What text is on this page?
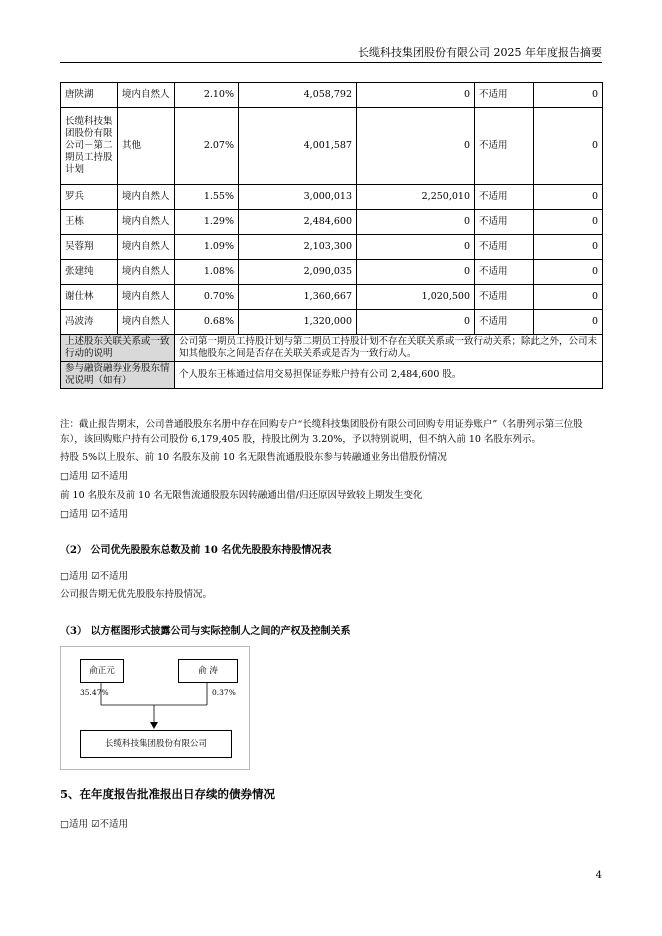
长缆科技集团股份有限公司 2025 年年度报告摘要
唐陕湖	境内自然人	2.10%	4,058,792	0	不适用	0
长缆科技集团股份有限公司－第二期员工持股计划	其他	2.07%	4,001,587	0	不适用	0
罗兵	境内自然人	1.55%	3,000,013	2,250,010	不适用	0
王栋	境内自然人	1.29%	2,484,600	0	不适用	0
吴蓉翔	境内自然人	1.09%	2,103,300	0	不适用	0
张建纯	境内自然人	1.08%	2,090,035	0	不适用	0
谢仕林	境内自然人	0.70%	1,360,667	1,020,500	不适用	0
冯波涛	境内自然人	0.68%	1,320,000	0	不适用	0
上述股东关联关系或一致行动的说明		公司第一期员工持股计划与第二期员工持股计划不存在关联关系或一致行动关系；除此之外，公司未知其他股东之间是否存在关联关系或是否为一致行动人。				
参与融资融券业务股东情况说明（如有）		个人股东王栋通过信用交易担保证券账户持有公司 2,484,600 股。				
注：截止报告期末，公司普通股股东名册中存在回购专户“长缆科技集团股份有限公司回购专用证券账户”（名册列示第三位股东），该回购账户持有公司股份 6,179,405 股，持股比例为 3.20%，予以特别说明，但不纳入前 10 名股东列示。
持股 5%以上股东、前 10 名股东及前 10 名无限售流通股股东参与转融通业务出借股份情况
□适用 ☑不适用
前 10 名股东及前 10 名无限售流通股股东因转融通出借/归还原因导致较上期发生变化
□适用 ☑不适用
（2） 公司优先股股东总数及前 10 名优先股股东持股情况表
□适用 ☑不适用
公司报告期无优先股股东持股情况。
（3） 以方框图形式披露公司与实际控制人之间的产权及控制关系
俞正元	俞 涛
35.47%	0.37%
长缆科技集团股份有限公司
5、在年度报告批准报出日存续的债券情况
□适用 ☑不适用
4
